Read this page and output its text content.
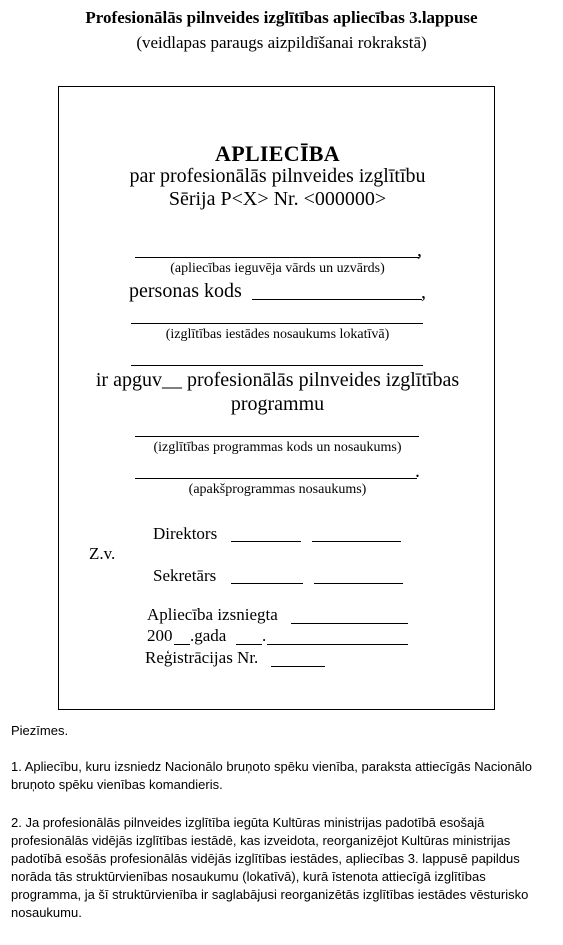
Profesionālās pilnveides izglītības apliecības 3.lappuse
(veidlapas paraugs aizpildīšanai rokrakstā)
APLIECĪBA
par profesionālās pilnveides izglītību
Sērija P<X> Nr. <000000>
,
(apliecības ieguvēja vārds un uzvārds)
personas kods	,
(izglītības iestādes nosaukums lokatīvā)
ir apguv__ profesionālās pilnveides izglītības
programmu
(izglītības programmas kods un nosaukums)
.
(apakšprogrammas nosaukums)
Direktors
Z.v.
Sekretārs
Apliecība izsniegta
200 .gada .
Reģistrācijas Nr.
Piezīmes.
1. Apliecību, kuru izsniedz Nacionālo bruņoto spēku vienība, paraksta attiecīgās Nacionālo bruņoto spēku vienības komandieris.
2. Ja profesionālās pilnveides izglītība iegūta Kultūras ministrijas padotībā esošajā profesionālās vidējās izglītības iestādē, kas izveidota, reorganizējot Kultūras ministrijas padotībā esošās profesionālās vidējās izglītības iestādes, apliecības 3. lappusē papildus norāda tās struktūrvienības nosaukumu (lokatīvā), kurā īstenota attiecīgā izglītības programma, ja šī struktūrvienība ir saglabājusi reorganizētās izglītības iestādes vēsturisko nosaukumu.
